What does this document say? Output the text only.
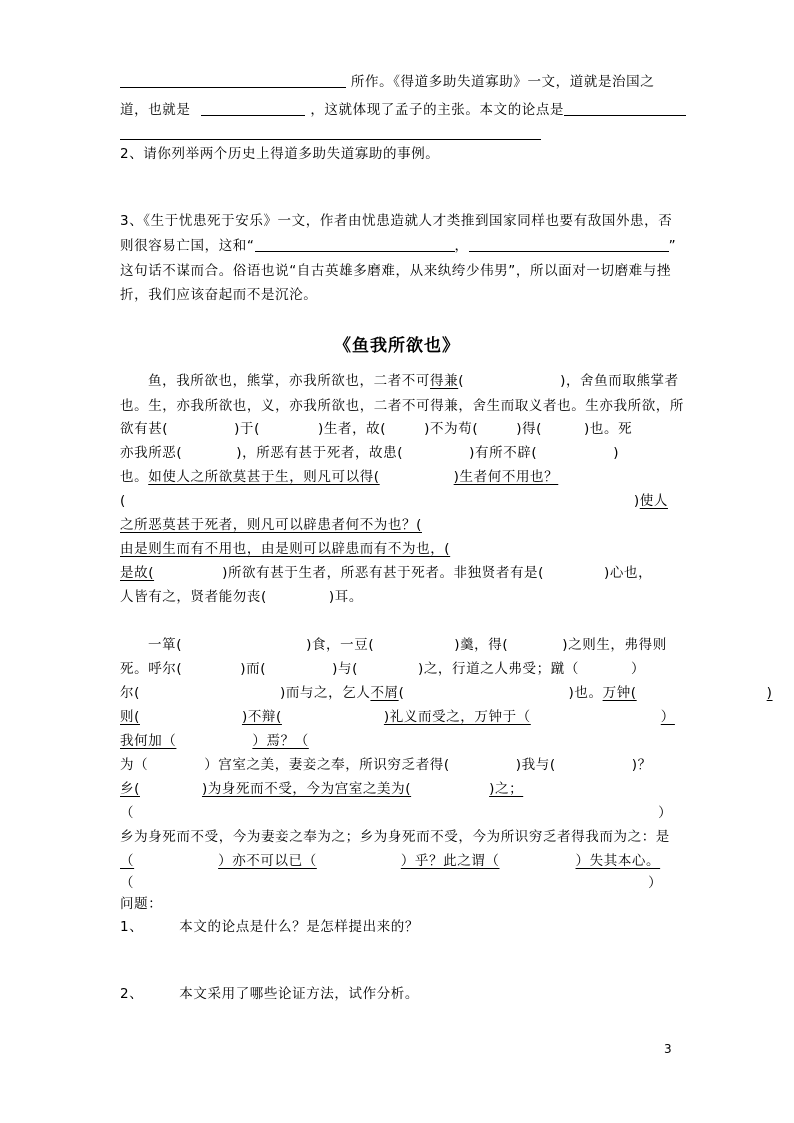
所作。《得道多助失道寡助》一文，道就是治国之
道，也就是	，这就体现了孟子的主张。本文的论点是
2、请你列举两个历史上得道多助失道寡助的事例。
3、《生于忧患死于安乐》一文，作者由忧患造就人才类推到国家同样也要有敌国外患，否
则很容易亡国，这和“	，	”
这句话不谋而合。俗语也说“自古英雄多磨难，从来纨绔少伟男”，所以面对一切磨难与挫
折，我们应该奋起而不是沉沦。
《鱼我所欲也》
鱼，我所欲也，熊掌，亦我所欲也，二者不可得兼(	)，舍鱼而取熊掌者
也。生，亦我所欲也，义，亦我所欲也，二者不可得兼，舍生而取义者也。生亦我所欲，所
欲有甚(	)于(	)生者，故(	)不为苟(	)得(	)也。死
亦我所恶(	)，所恶有甚于死者，故患(	)有所不辟(	)
也。如使人之所欲莫甚于生，则凡可以得(	)生者何不用也？
(	)使人
之所恶莫甚于死者，则凡可以辟患者何不为也？(
由是则生而有不用也，由是则可以辟患而有不为也，(
是故(	)所欲有甚于生者，所恶有甚于死者。非独贤者有是(	)心也，
人皆有之，贤者能勿丧(	)耳。
一箪(	)食，一豆(	)羹，得(	)之则生，弗得则
死。呼尔(	)而(	)与(	)之，行道之人弗受；蹴（	）
尔(	)而与之，乞人不屑(	)也。万钟(	)
则(	)不辩(	)礼义而受之，万钟于（	）
我何加（	）焉？（
为（	）宫室之美，妻妾之奉，所识穷乏者得(	)我与(	)？
乡(	)为身死而不受，今为宫室之美为(	)之；
（	）
乡为身死而不受，今为妻妾之奉为之；乡为身死而不受，今为所识穷乏者得我而为之：是
（	）亦不可以已（	）乎？此之谓（	）失其本心。
（	）
问题：
1、	本文的论点是什么？是怎样提出来的？
2、	本文采用了哪些论证方法，试作分析。
3
